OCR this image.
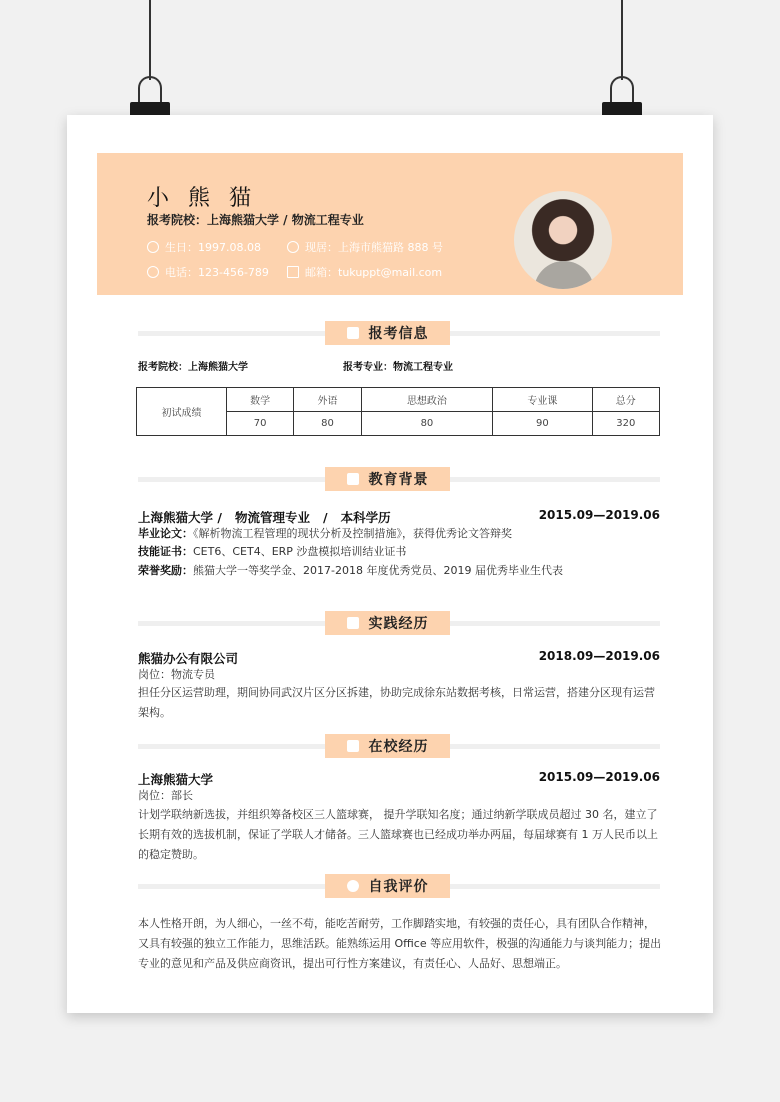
小 熊 猫
报考院校：上海熊猫大学 / 物流工程专业
生日：1997.08.08	现居：上海市熊猫路 888 号
电话：123-456-789	邮箱：tukuppt@mail.com
报考信息
报考院校：上海熊猫大学	报考专业：物流工程专业
初试成绩	数学	外语	思想政治	专业课	总分
	70	80	80	90	320
教育背景
上海熊猫大学 /   物流管理专业   /   本科学历	2015.09—2019.06
毕业论文：《解析物流工程管理的现状分析及控制措施》，获得优秀论文答辩奖
技能证书：CET6、CET4、ERP 沙盘模拟培训结业证书
荣誉奖励：熊猫大学一等奖学金、2017-2018 年度优秀党员、2019 届优秀毕业生代表
实践经历
熊猫办公有限公司	2018.09—2019.06
岗位：物流专员
担任分区运营助理，期间协同武汉片区分区拆建，协助完成徐东站数据考核，日常运营，搭建分区现有运营架构。
在校经历
上海熊猫大学	2015.09—2019.06
岗位：部长
计划学联纳新选拔，并组织筹备校区三人篮球赛， 提升学联知名度；通过纳新学联成员超过 30 名，建立了长期有效的选拔机制，保证了学联人才储备。三人篮球赛也已经成功举办两届，每届球赛有 1 万人民币以上的稳定赞助。
自我评价
本人性格开朗，为人细心，一丝不苟，能吃苦耐劳，工作脚踏实地，有较强的责任心，具有团队合作精神，又具有较强的独立工作能力，思维活跃。能熟练运用 Office 等应用软件，极强的沟通能力与谈判能力；提出专业的意见和产品及供应商资讯，提出可行性方案建议，有责任心、人品好、思想端正。
